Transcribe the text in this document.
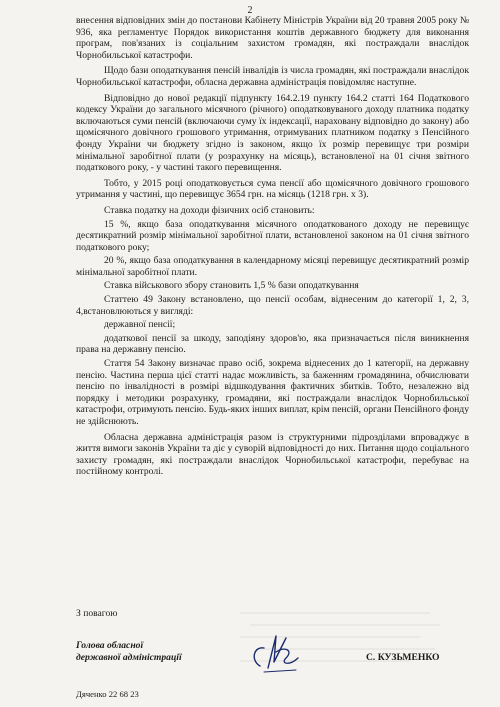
2

внесення відповідних змін до постанови Кабінету Міністрів України від 20 травня 2005 року № 936, яка регламентує Порядок використання коштів державного бюджету для виконання програм, пов'язаних із соціальним захистом громадян, які постраждали внаслідок Чорнобильської катастрофи.

Щодо бази оподаткування пенсій інвалідів із числа громадян, які постраждали внаслідок Чорнобильської катастрофи, обласна державна адміністрація повідомляє наступне.

Відповідно до нової редакції підпункту 164.2.19 пункту 164.2 статті 164 Податкового кодексу України до загального місячного (річного) оподатковуваного доходу платника податку включаються суми пенсій (включаючи суму їх індексації, нараховану відповідно до закону) або щомісячного довічного грошового утримання, отримуваних платником податку з Пенсійного фонду України чи бюджету згідно із законом, якщо їх розмір перевищує три розміри мінімальної заробітної плати (у розрахунку на місяць), встановленої на 01 січня звітного податкового року, - у частині такого перевищення.

Тобто, у 2015 році оподатковується сума пенсії або щомісячного довічного грошового утримання у частині, що перевищує 3654 грн. на місяць (1218 грн. х 3).

Ставка податку на доходи фізичних осіб становить:

15 %, якщо база оподаткування місячного оподаткованого доходу не перевищує десятикратний розмір мінімальної заробітної плати, встановленої законом на 01 січня звітного податкового року;

20 %, якщо база оподаткування в календарному місяці перевищує десятикратний розмір мінімальної заробітної плати.

Ставка військового збору становить 1,5 % бази оподаткування

Статтею 49 Закону встановлено, що пенсії особам, віднесеним до категорії 1, 2, 3, 4,встановлюються у вигляді:

державної пенсії;

додаткової пенсії за шкоду, заподіяну здоров'ю, яка призначається після виникнення права на державну пенсію.

Стаття 54 Закону визначає право осіб, зокрема віднесених до 1 категорії, на державну пенсію. Частина перша цієї статті надає можливість, за баженням громадянина, обчислювати пенсію по інвалідності в розмірі відшкодування фактичних збитків. Тобто, незалежно від порядку і методики розрахунку, громадяни, які постраждали внаслідок Чорнобильської катастрофи, отримують пенсію. Будь-яких інших виплат, крім пенсій, органи Пенсійного фонду не здійснюють.

Обласна державна адміністрація разом із структурними підрозділами впроваджує в життя вимоги законів України та діє у суворій відповідності до них. Питання щодо соціального захисту громадян, які постраждали внаслідок Чорнобильської катастрофи, перебуває на постійному контролі.

З повагою
Голова обласної
державної адміністрації	С. КУЗЬМЕНКО
Дяченко 22 68 23
